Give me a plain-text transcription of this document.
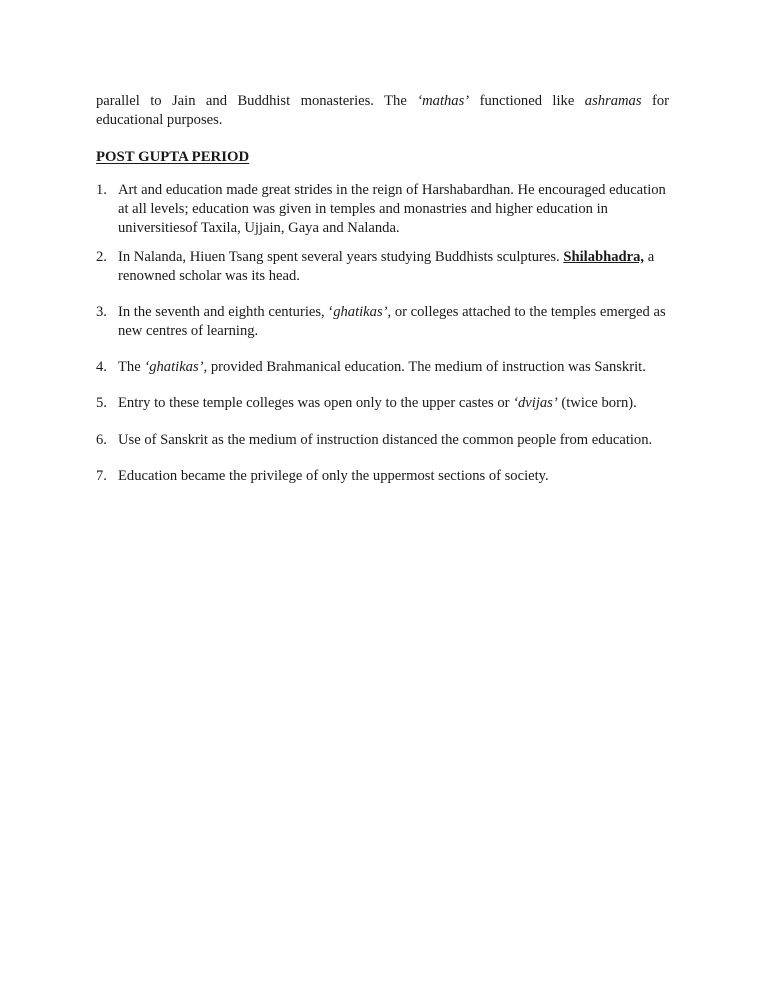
parallel to Jain and Buddhist monasteries. The ‘mathas’ functioned like ashramas for
educational purposes.
POST GUPTA PERIOD
1. Art and education made great strides in the reign of Harshabardhan. He encouraged education at all levels; education was given in temples and monastries and higher education in universitiesof Taxila, Ujjain, Gaya and Nalanda.
2. In Nalanda, Hiuen Tsang spent several years studying Buddhists sculptures. Shilabhadra, a renowned scholar was its head.
3. In the seventh and eighth centuries, ‘ghatikas’, or colleges attached to the temples emerged as new centres of learning.
4. The ‘ghatikas’, provided Brahmanical education. The medium of instruction was Sanskrit.
5. Entry to these temple colleges was open only to the upper castes or ‘dvijas’ (twice born).
6. Use of Sanskrit as the medium of instruction distanced the common people from education.
7. Education became the privilege of only the uppermost sections of society.
